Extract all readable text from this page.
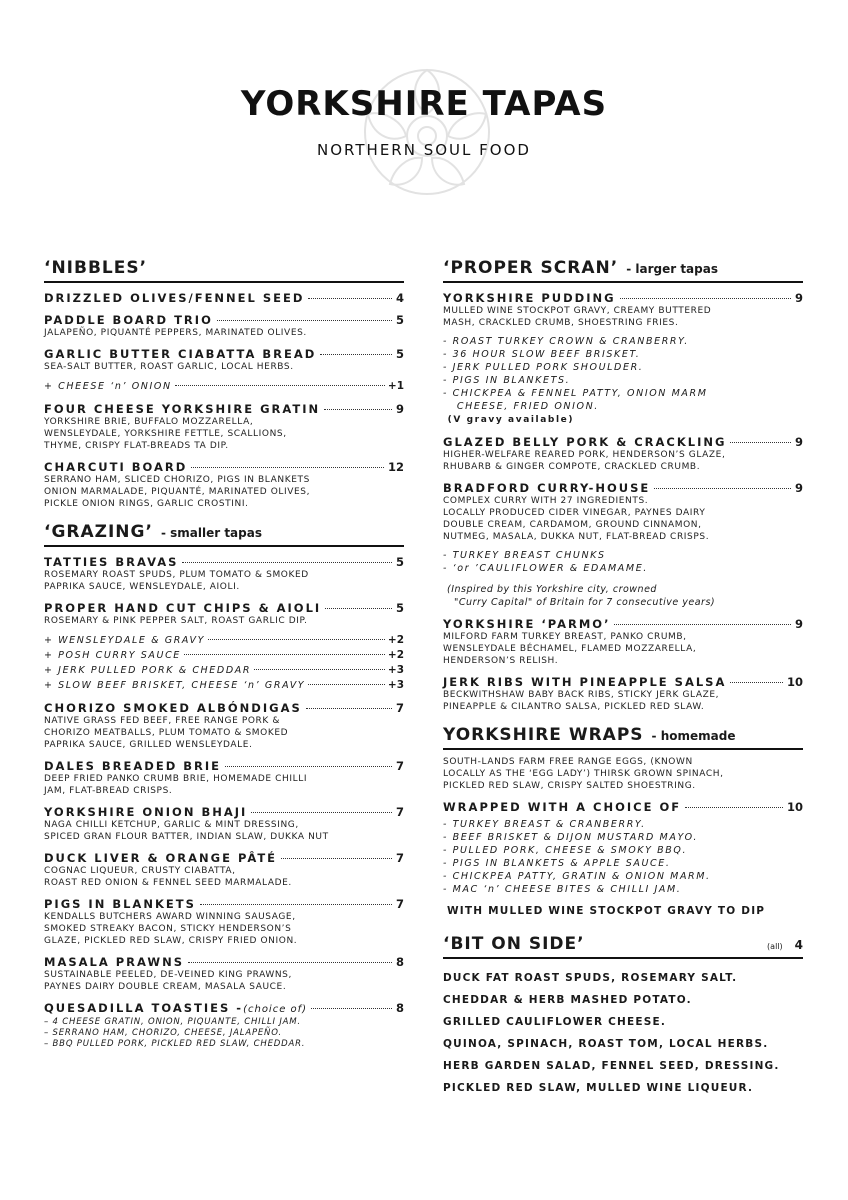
YORKSHIRE TAPAS
NORTHERN SOUL FOOD
‘NIBBLES’
DRIZZLED OLIVES/FENNEL SEED	4
PADDLE BOARD TRIO	5
JALAPEÑO, PIQUANTÉ PEPPERS, MARINATED OLIVES.
GARLIC BUTTER CIABATTA BREAD	5
SEA-SALT BUTTER, ROAST GARLIC, LOCAL HERBS.
+ CHEESE ‘n’ ONION	+1
FOUR CHEESE YORKSHIRE GRATIN	9
YORKSHIRE BRIE, BUFFALO MOZZARELLA,
WENSLEYDALE, YORKSHIRE FETTLE, SCALLIONS,
THYME, CRISPY FLAT-BREADS TA DIP.
CHARCUTI BOARD	12
SERRANO HAM, SLICED CHORIZO, PIGS IN BLANKETS
ONION MARMALADE, PIQUANTÉ, MARINATED OLIVES,
PICKLE ONION RINGS, GARLIC CROSTINI.
‘GRAZING’ - smaller tapas
TATTIES BRAVAS	5
ROSEMARY ROAST SPUDS, PLUM TOMATO & SMOKED
PAPRIKA SAUCE, WENSLEYDALE, AIOLI.
PROPER HAND CUT CHIPS & AIOLI	5
ROSEMARY & PINK PEPPER SALT, ROAST GARLIC DIP.
+ WENSLEYDALE & GRAVY	+2
+ POSH CURRY SAUCE	+2
+ JERK PULLED PORK & CHEDDAR	+3
+ SLOW BEEF BRISKET, CHEESE ‘n’ GRAVY	+3
CHORIZO SMOKED ALBÓNDIGAS	7
NATIVE GRASS FED BEEF, FREE RANGE PORK &
CHORIZO MEATBALLS, PLUM TOMATO & SMOKED
PAPRIKA SAUCE, GRILLED WENSLEYDALE.
DALES BREADED BRIE	7
DEEP FRIED PANKO CRUMB BRIE, HOMEMADE CHILLI
JAM, FLAT-BREAD CRISPS.
YORKSHIRE ONION BHAJI	7
NAGA CHILLI KETCHUP, GARLIC & MINT DRESSING,
SPICED GRAN FLOUR BATTER, INDIAN SLAW, DUKKA NUT
DUCK LIVER & ORANGE PÂTÉ	7
COGNAC LIQUEUR, CRUSTY CIABATTA,
ROAST RED ONION & FENNEL SEED MARMALADE.
PIGS IN BLANKETS	7
KENDALLS BUTCHERS AWARD WINNING SAUSAGE,
SMOKED STREAKY BACON, STICKY HENDERSON’S
GLAZE, PICKLED RED SLAW, CRISPY FRIED ONION.
MASALA PRAWNS	8
SUSTAINABLE PEELED, DE-VEINED KING PRAWNS,
PAYNES DAIRY DOUBLE CREAM, MASALA SAUCE.
QUESADILLA TOASTIES - (choice of)	8
– 4 CHEESE GRATIN, ONION, PIQUANTE, CHILLI JAM.
– SERRANO HAM, CHORIZO, CHEESE, JALAPEÑO.
– BBQ PULLED PORK, PICKLED RED SLAW, CHEDDAR.
‘PROPER SCRAN’ - larger tapas
YORKSHIRE PUDDING	9
MULLED WINE STOCKPOT GRAVY, CREAMY BUTTERED
MASH, CRACKLED CRUMB, SHOESTRING FRIES.
- ROAST TURKEY CROWN & CRANBERRY.
- 36 HOUR SLOW BEEF BRISKET.
- JERK PULLED PORK SHOULDER.
- PIGS IN BLANKETS.
- CHICKPEA & FENNEL PATTY, ONION MARM
CHEESE, FRIED ONION.
(V gravy available)
GLAZED BELLY PORK & CRACKLING	9
HIGHER-WELFARE REARED PORK, HENDERSON’S GLAZE,
RHUBARB & GINGER COMPOTE, CRACKLED CRUMB.
BRADFORD CURRY-HOUSE	9
COMPLEX CURRY WITH 27 INGREDIENTS.
LOCALLY PRODUCED CIDER VINEGAR, PAYNES DAIRY
DOUBLE CREAM, CARDAMOM, GROUND CINNAMON,
NUTMEG, MASALA, DUKKA NUT, FLAT-BREAD CRISPS.
- TURKEY BREAST CHUNKS
- ‘or ’CAULIFLOWER & EDAMAME.
(Inspired by this Yorkshire city, crowned
"Curry Capital" of Britain for 7 consecutive years)
YORKSHIRE ‘PARMO’	9
MILFORD FARM TURKEY BREAST, PANKO CRUMB,
WENSLEYDALE BÉCHAMEL, FLAMED MOZZARELLA,
HENDERSON’S RELISH.
JERK RIBS WITH PINEAPPLE SALSA	10
BECKWITHSHAW BABY BACK RIBS, STICKY JERK GLAZE,
PINEAPPLE & CILANTRO SALSA, PICKLED RED SLAW.
YORKSHIRE WRAPS - homemade
SOUTH-LANDS FARM FREE RANGE EGGS, (KNOWN
LOCALLY AS THE ‘EGG LADY’) THIRSK GROWN SPINACH,
PICKLED RED SLAW, CRISPY SALTED SHOESTRING.
WRAPPED WITH A CHOICE OF	10
- TURKEY BREAST & CRANBERRY.
- BEEF BRISKET & DIJON MUSTARD MAYO.
- PULLED PORK, CHEESE & SMOKY BBQ.
- PIGS IN BLANKETS & APPLE SAUCE.
- CHICKPEA PATTY, GRATIN & ONION MARM.
- MAC ‘n’ CHEESE BITES & CHILLI JAM.
WITH MULLED WINE STOCKPOT GRAVY TO DIP
‘BIT ON SIDE’	(all) 4
DUCK FAT ROAST SPUDS, ROSEMARY SALT.
CHEDDAR & HERB MASHED POTATO.
GRILLED CAULIFLOWER CHEESE.
QUINOA, SPINACH, ROAST TOM, LOCAL HERBS.
HERB GARDEN SALAD, FENNEL SEED, DRESSING.
PICKLED RED SLAW, MULLED WINE LIQUEUR.
